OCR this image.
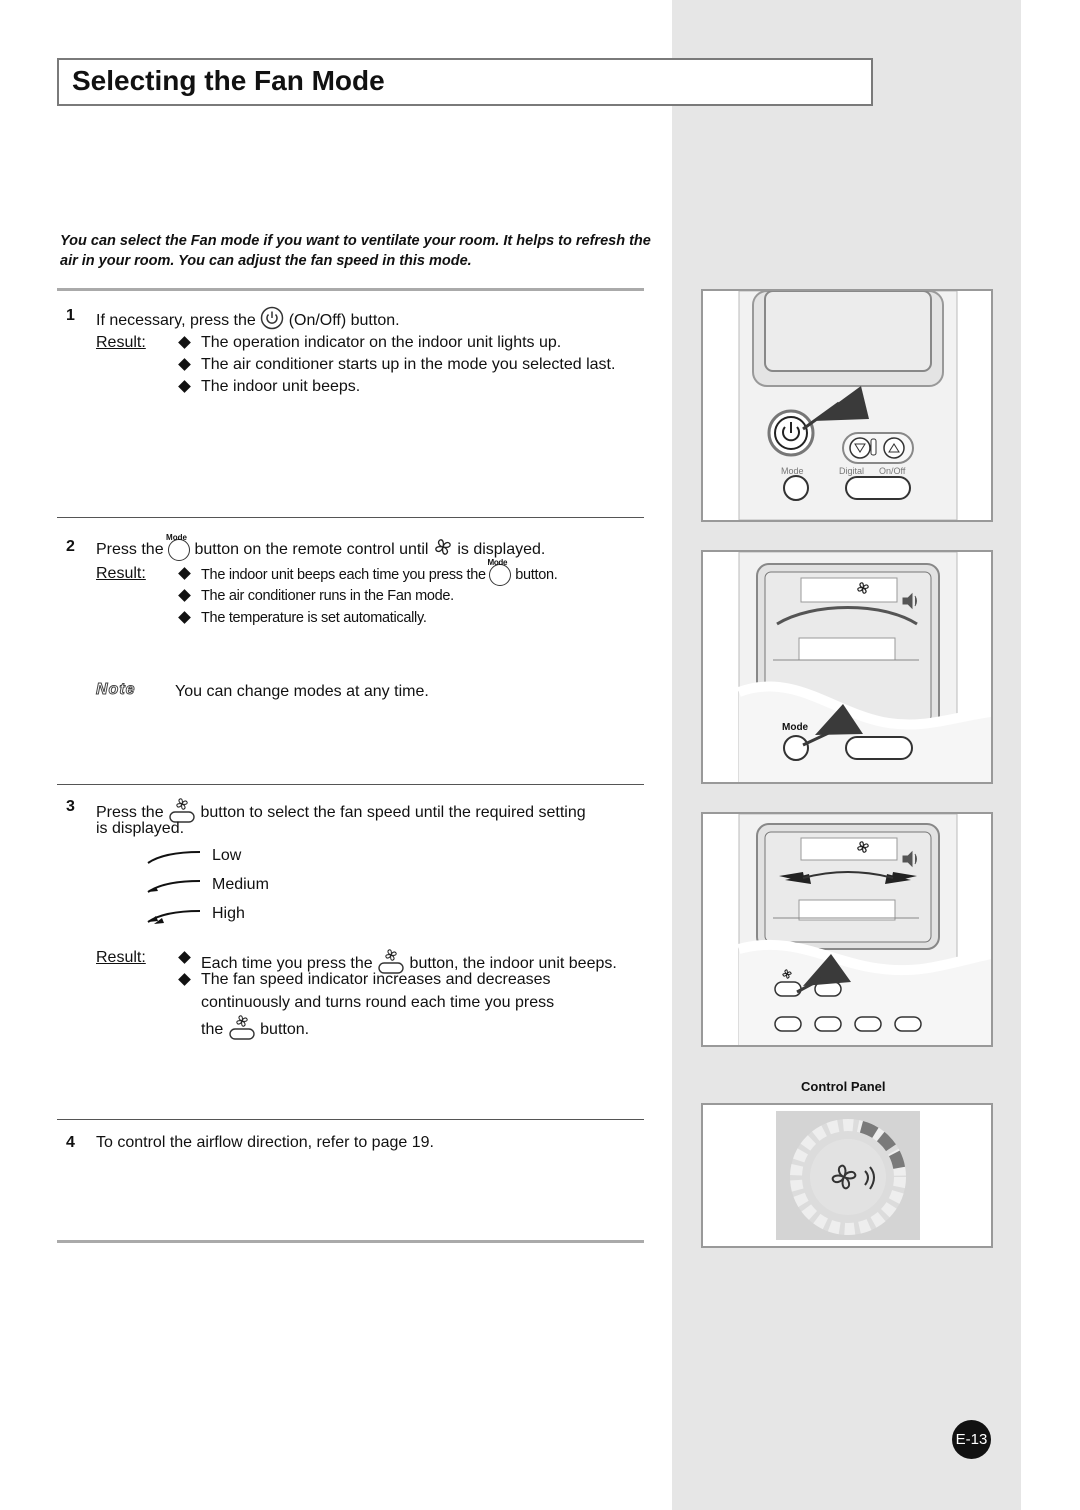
Selecting the Fan Mode
You can select the Fan mode if you want to ventilate your room. It helps to refresh the air in your room. You can adjust the fan speed in this mode.
1 If necessary, press the (On/Off) button.
Result:	The operation indicator on the indoor unit lights up.
The air conditioner starts up in the mode you selected last.
The indoor unit beeps.
2 Press the
Mode
button on the remote control until is displayed.
Result:	The indoor unit beeps each time you press the
Mode
button.
The air conditioner runs in the Fan mode.
The temperature is set automatically.
Note You can change modes at any time.
3 Press the button to select the fan speed until the required setting
is displayed.
Low
Medium
High
Result:	Each time you press the button, the indoor unit beeps.
The fan speed indicator increases and decreases
continuously and turns round each time you press
the button.
4 To control the airflow direction, refer to page 19.
Mode	Digital On/Off
Mode
Control Panel
E-13
